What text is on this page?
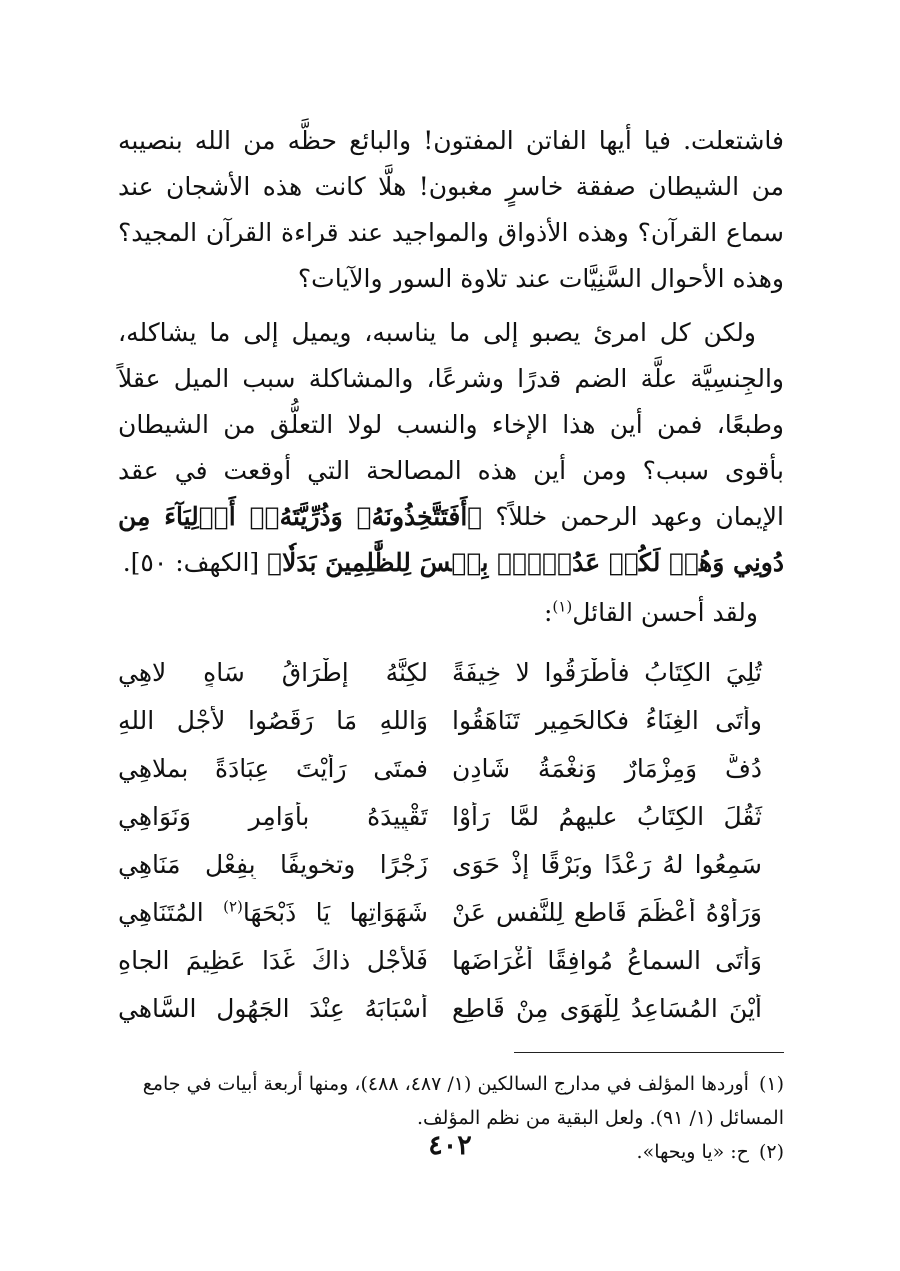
فاشتعلت. فيا أيها الفاتن المفتون! والبائع حظَّه من الله بنصيبه من الشيطان صفقة خاسرٍ مغبون! هلَّا كانت هذه الأشجان عند سماع القرآن؟ وهذه الأذواق والمواجيد عند قراءة القرآن المجيد؟ وهذه الأحوال السَّنِيَّات عند تلاوة السور والآيات؟

ولكن كل امرئ يصبو إلى ما يناسبه، ويميل إلى ما يشاكله، والجِنسِيَّة علَّة الضم قدرًا وشرعًا، والمشاكلة سبب الميل عقلاً وطبعًا، فمن أين هذا الإخاء والنسب لولا التعلُّق من الشيطان بأقوى سبب؟ ومن أين هذه المصالحة التي أوقعت في عقد الإيمان وعهد الرحمن خللاً؟ ﴿أَفَتَتَّخِذُونَهُۥ وَذُرِّيَّتَهُۥٓ أَوۡلِيَآءَ مِن دُونِي وَهُمۡ لَكُمۡ عَدُوُّۢۚ بِئۡسَ لِلظَّٰلِمِينَ بَدَلٗا﴾ [الكهف: ٥٠].

ولقد أحسن القائل$^{(١)}$:
تُلِيَ الكِتَابُ فأَطْرَقُوا لا خِيفَةً
لكِنَّهُ إِطْرَاقُ سَاهٍ لاهِي
وأتَى الغِنَاءُ فكالحَمِيرِ تَنَاهَقُوا
وَاللهِ مَا رَقَصُوا لأجْلِ اللهِ
دُفٌّ وَمِزْمَارٌ وَنغْمَةُ شَادِنٍ
فمتَى رَأَيْتَ عِبَادَةً بملاهِي
ثَقُلَ الكِتَابُ عليهِمُ لمَّا رَأَوْا
تَقْيِيدَهُ بأَوَامِرٍ وَنَوَاهِي
سَمِعُوا لهُ رَعْدًا وبَرْقًا إِذْ حَوَى
زَجْرًا وتخويفًا بِفِعْلِ مَنَاهِي
وَرَأَوْهُ أَعْظَمَ قَاطعٍ لِلنَّفسِ عَنْ
شَهَوَاتِها يَا ذَبْحَهَا$^{(٢)}$ المُتَنَاهِي
وَأتَى السماعُ مُوافِقًا أَغْرَاضَها
فَلأَجْلِ ذاكَ غَدَا عَظِيمَ الجاهِ
أيْنَ المُسَاعِدُ لِلْهَوَى مِنْ قَاطِعٍ
أَسْبَابَهُ عِنْدَ الجَهُولِ السَّاهي

(١)أوردها المؤلف في مدارج السالكين (١/ ٤٨٧، ٤٨٨)، ومنها أربعة أبيات في جامع المسائل (١/ ٩١). ولعل البقية من نظم المؤلف.

(٢)ح: «يا ويحها».

٤٠٢
